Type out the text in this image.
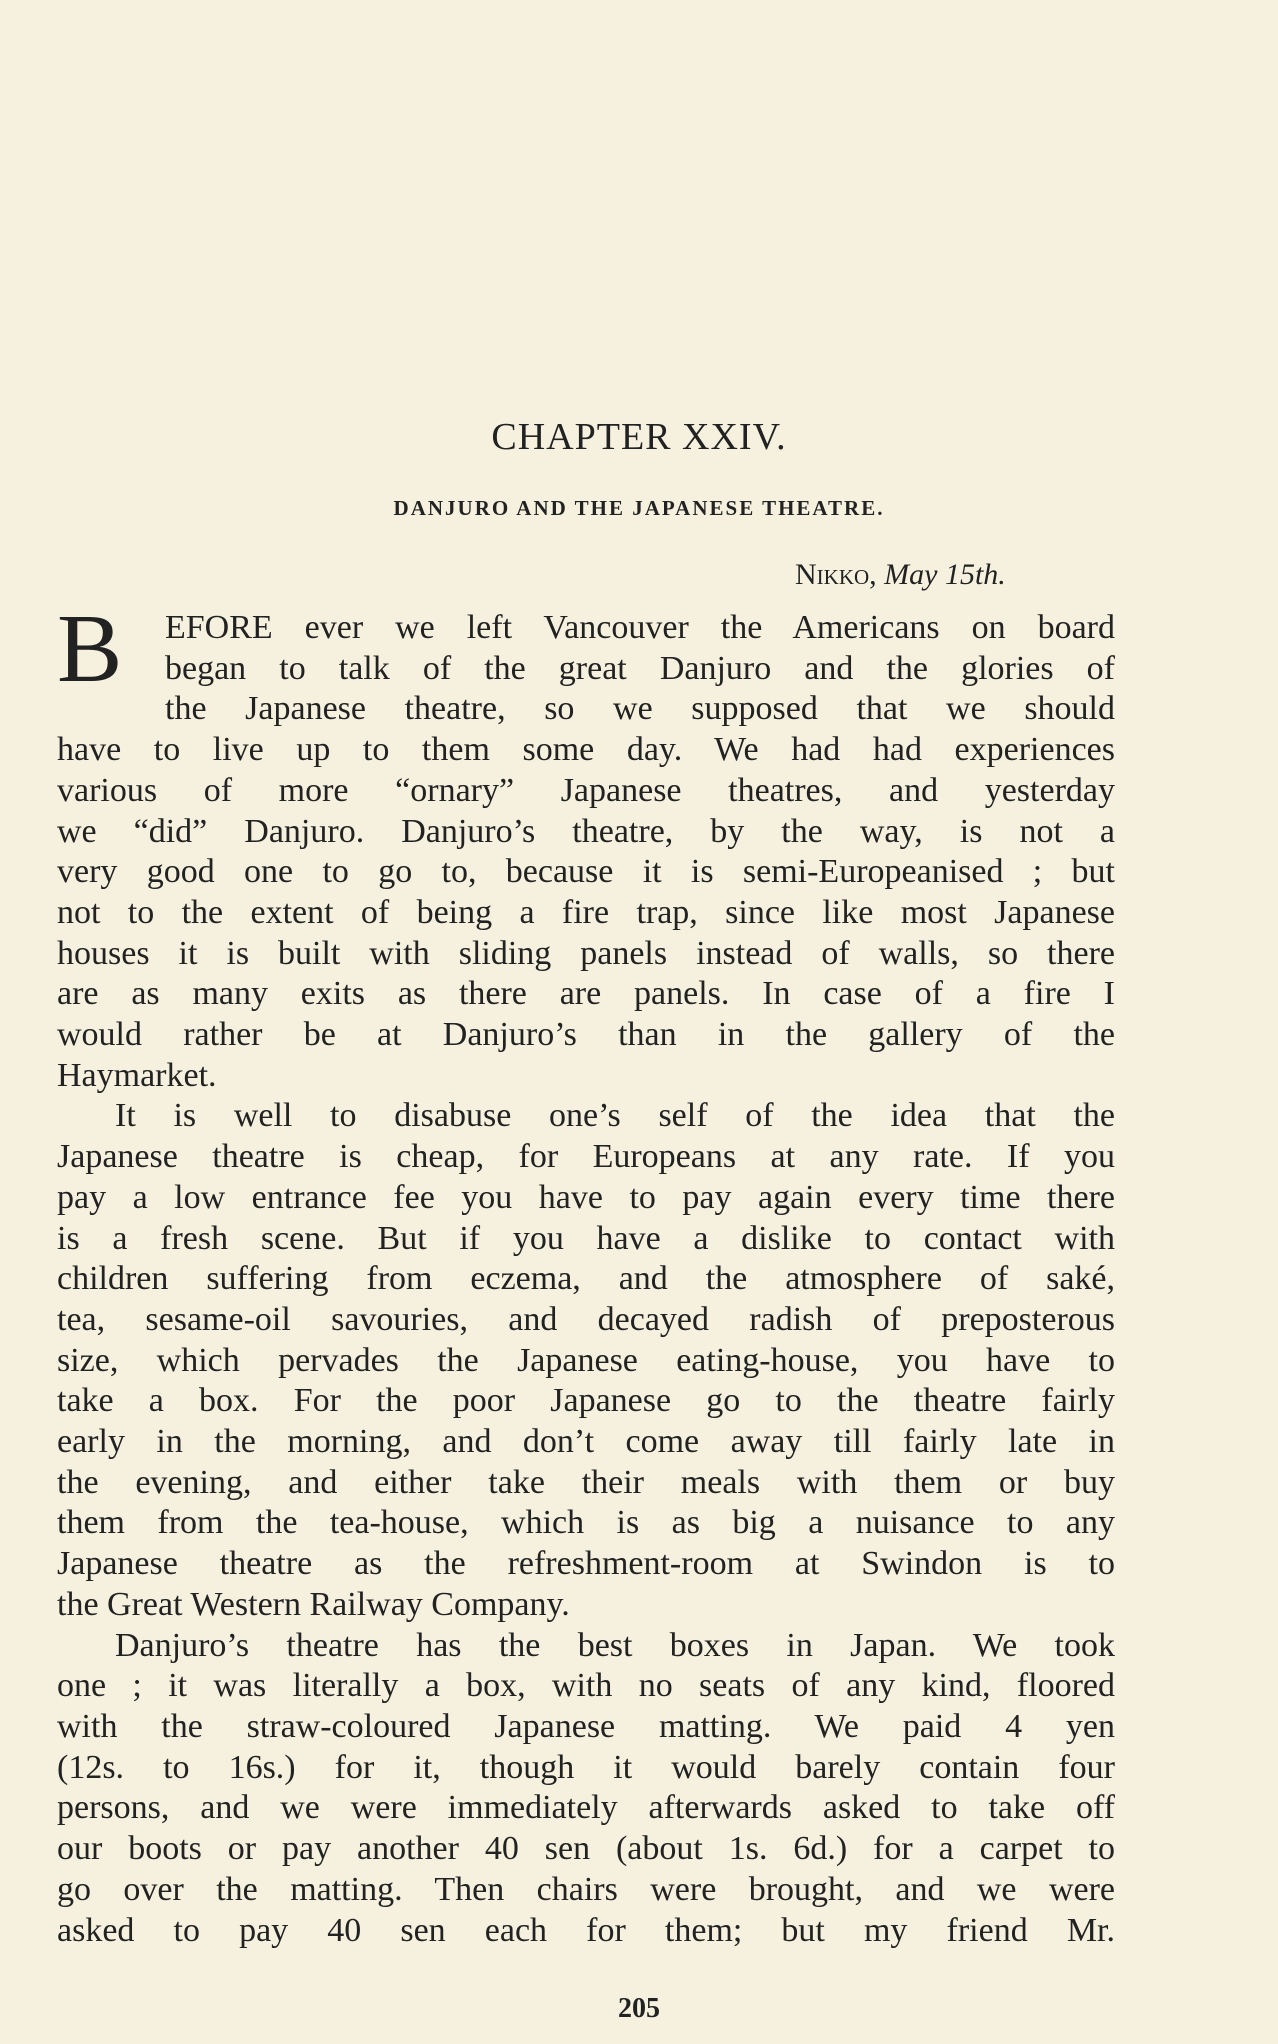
CHAPTER XXIV.
DANJURO AND THE JAPANESE THEATRE.

Nikko, May 15th.

B	EFORE ever we left Vancouver the Americans on board
began to talk of the great Danjuro and the glories of
the Japanese theatre, so we supposed that we should
have to live up to them some day. We had had experiences
various of more “ornary” Japanese theatres, and yesterday
we “did” Danjuro. Danjuro’s theatre, by the way, is not a
very good one to go to, because it is semi-Europeanised ; but
not to the extent of being a fire trap, since like most Japanese
houses it is built with sliding panels instead of walls, so there
are as many exits as there are panels. In case of a fire I
would rather be at Danjuro’s than in the gallery of the
Haymarket.

It is well to disabuse one’s self of the idea that the
Japanese theatre is cheap, for Europeans at any rate. If you
pay a low entrance fee you have to pay again every time there
is a fresh scene. But if you have a dislike to contact with
children suffering from eczema, and the atmosphere of saké,
tea, sesame-oil savouries, and decayed radish of preposterous
size, which pervades the Japanese eating-house, you have to
take a box. For the poor Japanese go to the theatre fairly
early in the morning, and don’t come away till fairly late in
the evening, and either take their meals with them or buy
them from the tea-house, which is as big a nuisance to any
Japanese theatre as the refreshment-room at Swindon is to
the Great Western Railway Company.

Danjuro’s theatre has the best boxes in Japan. We took
one ; it was literally a box, with no seats of any kind, floored
with the straw-coloured Japanese matting. We paid 4 yen
(12s. to 16s.) for it, though it would barely contain four
persons, and we were immediately afterwards asked to take off
our boots or pay another 40 sen (about 1s. 6d.) for a carpet to
go over the matting. Then chairs were brought, and we were
asked to pay 40 sen each for them; but my friend Mr.

205
